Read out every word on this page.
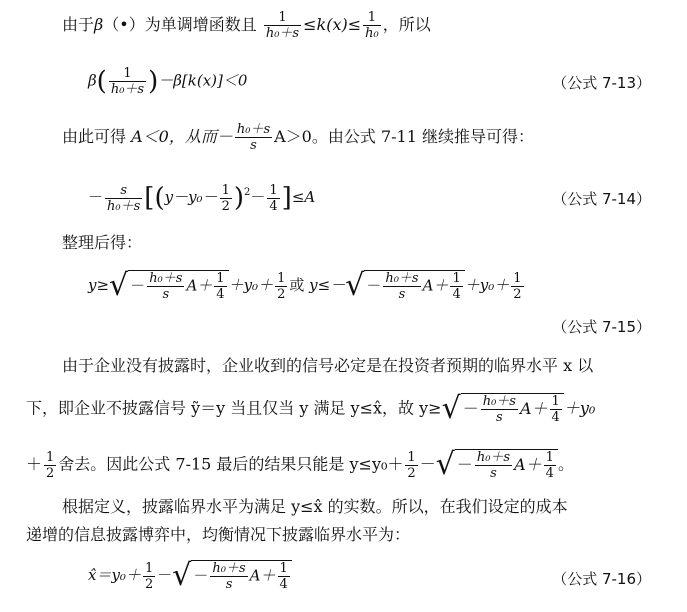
由于β（•）为单调增函数且 $\frac{1}{\text{h₀＋s}} \le k(x)\le \frac{1}{\text{h₀}}$ ，所以
$\beta( \frac{1}{\text{h₀＋s}} )-\beta[k(x)]<0$	（公式 7-13）
由此可得 A＜0，从而－ $\frac{\text{h₀＋s}}{s} A>0$。由公式 7-11 继续推导可得：
－ $\frac{s}{\text{h₀＋s}} [(y-y_0- \frac{1}{2} )^2- \frac{1}{4} ]\le A$	（公式 7-14）
整理后得：
$y\ge√ - \frac{\text{h₀＋s}}{s} A+ \frac{1}{4} +y_0+ \frac{1}{2}$ 或 $y\le-√ - \frac{\text{h₀＋s}}{s} A+ \frac{1}{4} +y_0+ \frac{1}{2}$
（公式 7-15）
由于企业没有披露时，企业收到的信号必定是在投资者预期的临界水平 x 以
下，即企业不披露信号 ỹ＝y 当且仅当 y 满足 y≤x̂，故 $y\ge√ - \frac{\text{h₀＋s}}{s} A+ \frac{1}{4} +y_0$
＋ $\frac{1}{2}$ 舍去。因此公式 7-15 最后的结果只能是 $y\le y_0+ \frac{1}{2}$ －√ － $\frac{\text{h₀＋s}}{s} A+ \frac{1}{4}$ 。
根据定义，披露临界水平为满足 y≤x̂ 的实数。所以，在我们设定的成本
递增的信息披露博弈中，均衡情况下披露临界水平为：
x̂＝y₀＋ $\frac{1}{2}$ －√ － $\frac{\text{h₀＋s}}{s} A+ \frac{1}{4}$	（公式 7-16）
